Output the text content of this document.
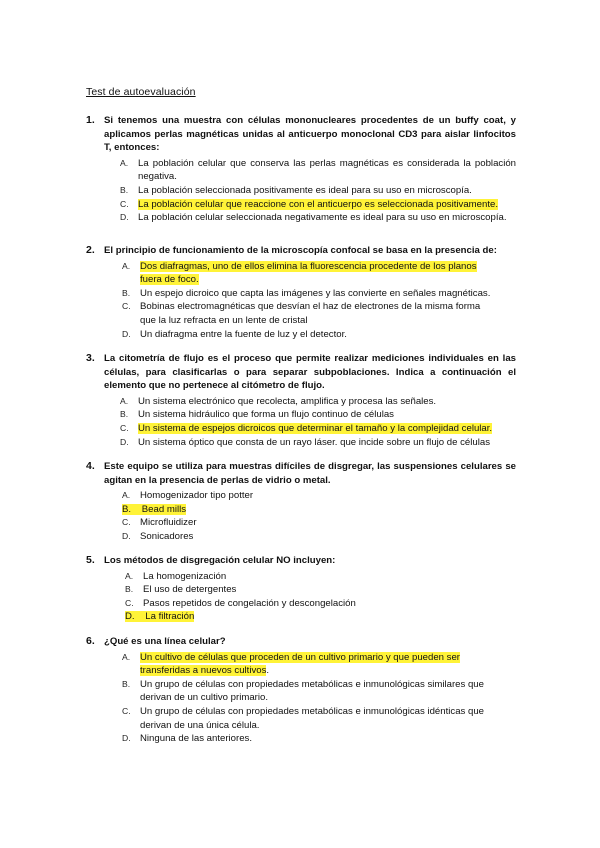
Test de autoevaluación
1. Si tenemos una muestra con células mononucleares procedentes de un buffy coat, y aplicamos perlas magnéticas unidas al anticuerpo monoclonal CD3 para aislar linfocitos T, entonces:
A. La población celular que conserva las perlas magnéticas es considerada la población negativa.
B. La población seleccionada positivamente es ideal para su uso en microscopía.
C. La población celular que reaccione con el anticuerpo es seleccionada positivamente.
D. La población celular seleccionada negativamente es ideal para su uso en microscopía.
2. El principio de funcionamiento de la microscopía confocal se basa en la presencia de:
A. Dos diafragmas, uno de ellos elimina la fluorescencia procedente de los planos fuera de foco.
B. Un espejo dicroico que capta las imágenes y las convierte en señales magnéticas.
C. Bobinas electromagnéticas que desvían el haz de electrones de la misma forma que la luz refracta en un lente de cristal
D. Un diafragma entre la fuente de luz y el detector.
3. La citometría de flujo es el proceso que permite realizar mediciones individuales en las células, para clasificarlas o para separar subpoblaciones. Indica a continuación el elemento que no pertenece al citómetro de flujo.
A. Un sistema electrónico que recolecta, amplifica y procesa las señales.
B. Un sistema hidráulico que forma un flujo continuo de células
C. Un sistema de espejos dicroicos que determinar el tamaño y la complejidad celular.
D. Un sistema óptico que consta de un rayo láser. que incide sobre un flujo de células
4. Este equipo se utiliza para muestras difíciles de disgregar, las suspensiones celulares se agitan en la presencia de perlas de vidrio o metal.
A. Homogenizador tipo potter
B. Bead mills
C. Microfluidizer
D. Sonicadores
5. Los métodos de disgregación celular NO incluyen:
A. La homogenización
B. El uso de detergentes
C. Pasos repetidos de congelación y descongelación
D. La filtración
6. ¿Qué es una línea celular?
A. Un cultivo de células que proceden de un cultivo primario y que pueden ser transferidas a nuevos cultivos.
B. Un grupo de células con propiedades metabólicas e inmunológicas similares que derivan de un cultivo primario.
C. Un grupo de células con propiedades metabólicas e inmunológicas idénticas que derivan de una única célula.
D. Ninguna de las anteriores.
